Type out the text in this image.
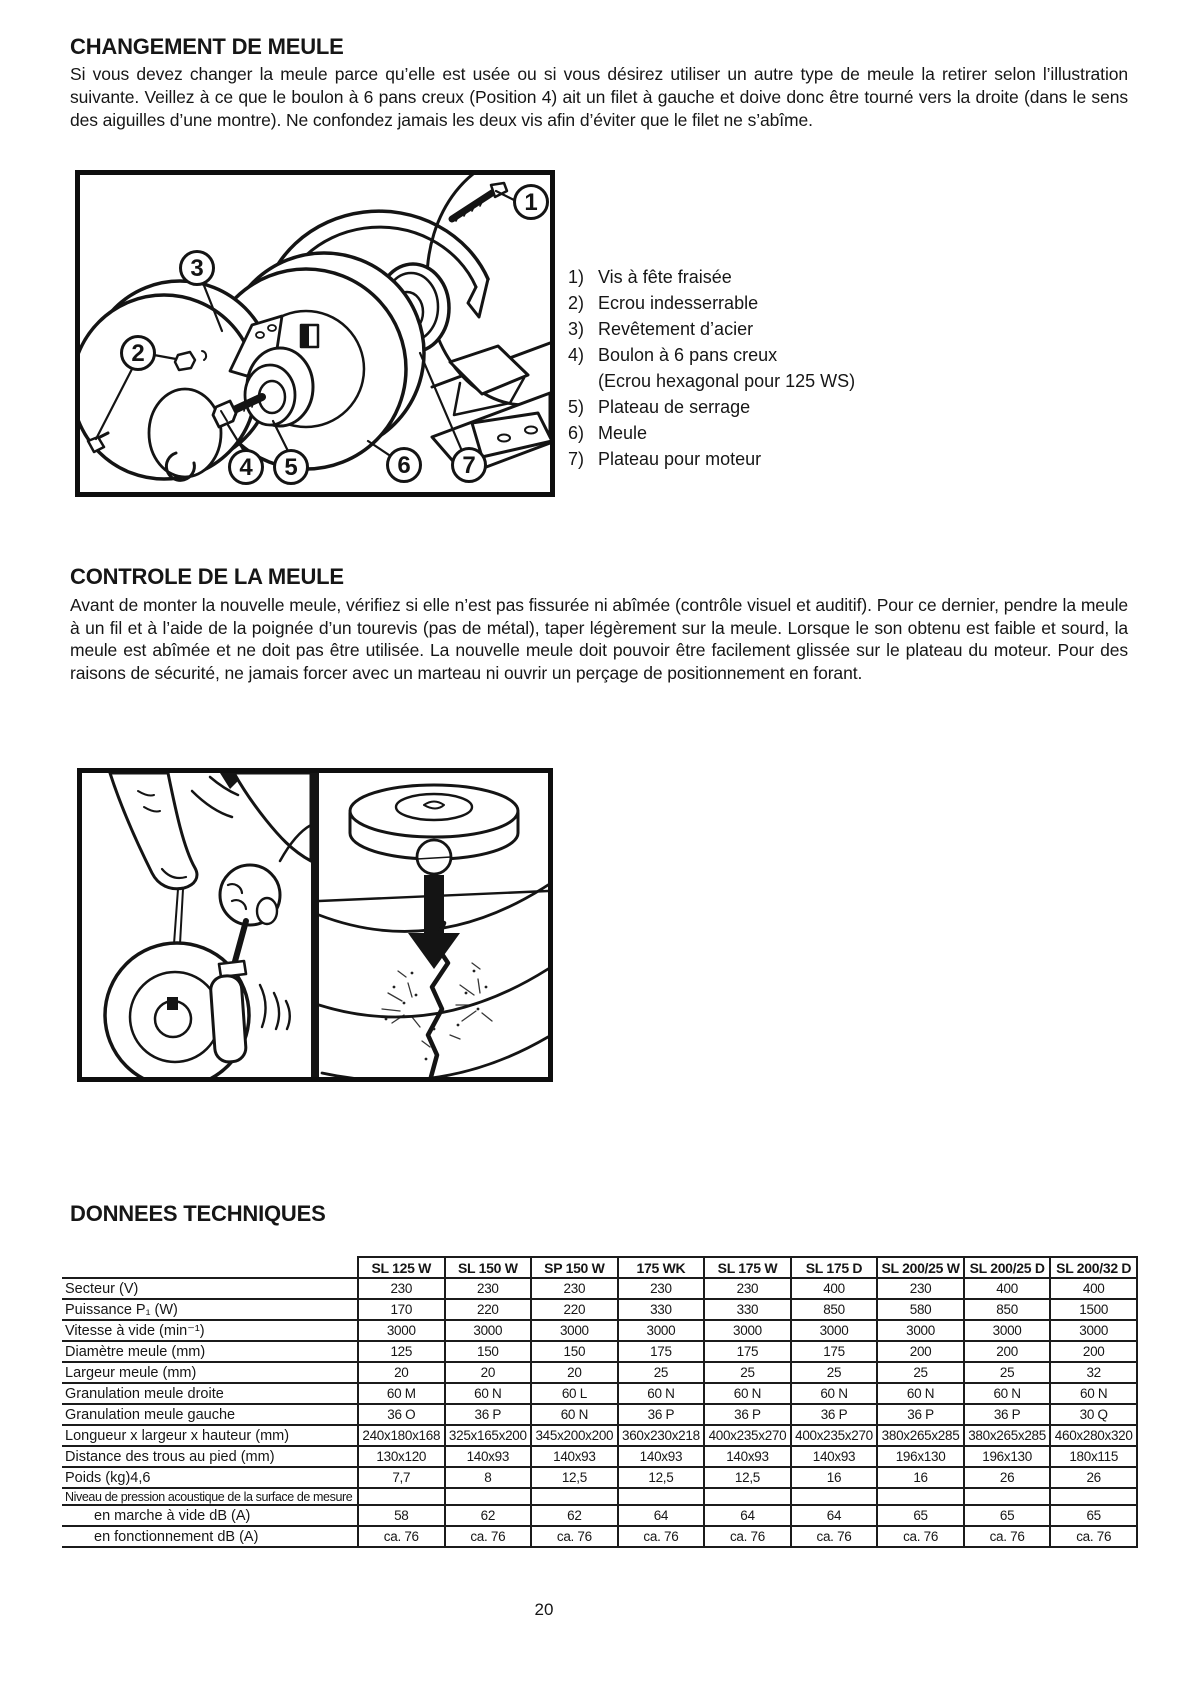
CHANGEMENT DE MEULE
Si vous devez changer la meule parce qu’elle est usée ou si vous désirez utiliser un autre type de meule la retirer selon l’illustration suivante. Veillez à ce que le boulon à 6 pans creux (Position 4) ait un filet à gauche et doive donc être tourné vers la droite (dans le sens des aiguilles d’une montre). Ne confondez jamais les deux vis afin d’éviter que le filet ne s’abîme.
1
3
2
4 5	6 7
1) Vis à fête fraisée
2) Ecrou indesserrable
3) Revêtement d’acier
4) Boulon à 6 pans creux
(Ecrou hexagonal pour 125 WS)
5) Plateau de serrage
6) Meule
7) Plateau pour moteur
CONTROLE DE LA MEULE
Avant de monter la nouvelle meule, vérifiez si elle n’est pas fissurée ni abîmée (contrôle visuel et auditif). Pour ce dernier, pendre la meule à un fil et à l’aide de la poignée d’un tourevis (pas de métal), taper légèrement sur la meule. Lorsque le son obtenu est faible et sourd, la meule est abîmée et ne doit pas être utilisée. La nouvelle meule doit pouvoir être facilement glissée sur le plateau du moteur. Pour des raisons de sécurité, ne jamais forcer avec un marteau ni ouvrir un perçage de positionnement en forant.
DONNEES TECHNIQUES
	SL 125 W	SL 150 W	SP 150 W	175 WK	SL 175 W	SL 175 D	SL 200/25 W	SL 200/25 D	SL 200/32 D
Secteur (V)	230	230	230	230	230	400	230	400	400
Puissance P₁ (W)	170	220	220	330	330	850	580	850	1500
Vitesse à vide (min⁻¹)	3000	3000	3000	3000	3000	3000	3000	3000	3000
Diamètre meule (mm)	125	150	150	175	175	175	200	200	200
Largeur meule (mm)	20	20	20	25	25	25	25	25	32
Granulation meule droite	60 M	60 N	60 L	60 N	60 N	60 N	60 N	60 N	60 N
Granulation meule gauche	36 O	36 P	60 N	36 P	36 P	36 P	36 P	36 P	30 Q
Longueur x largeur x hauteur (mm)	240x180x168	325x165x200	345x200x200	360x230x218	400x235x270	400x235x270	380x265x285	380x265x285	460x280x320
Distance des trous au pied (mm)	130x120	140x93	140x93	140x93	140x93	140x93	196x130	196x130	180x115
Poids (kg)4,6	7,7	8	12,5	12,5	12,5	16	16	26	26
Niveau de pression acoustique de la surface de mesure									
en marche à vide dB (A)	58	62	62	64	64	64	65	65	65
en fonctionnement dB (A)	ca. 76	ca. 76	ca. 76	ca. 76	ca. 76	ca. 76	ca. 76	ca. 76	ca. 76
20
